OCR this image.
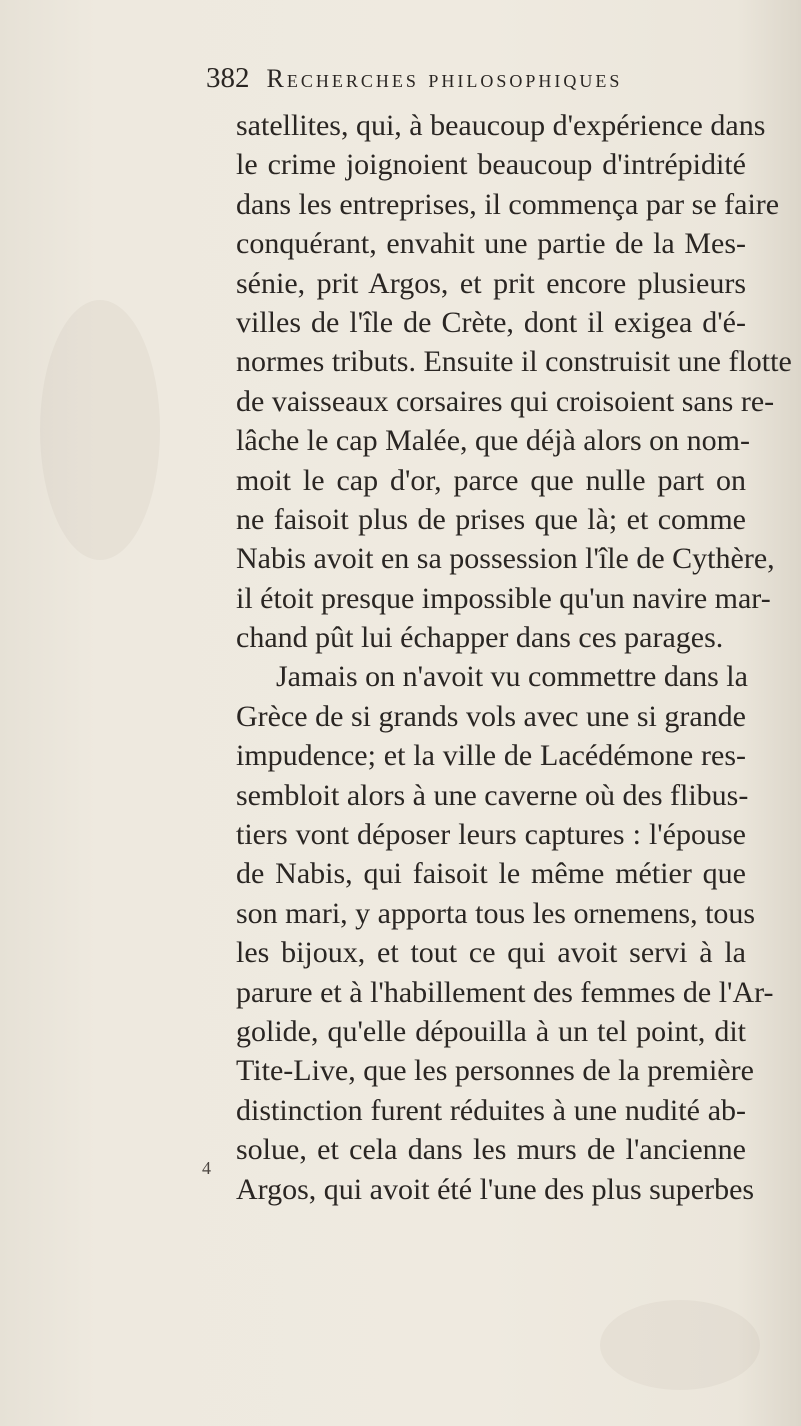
382 Recherches philosophiques
satellites, qui, à beaucoup d'expérience dans
le crime joignoient beaucoup d'intrépidité
dans les entreprises, il commença par se faire
conquérant, envahit une partie de la Mes-
sénie, prit Argos, et prit encore plusieurs
villes de l'île de Crète, dont il exigea d'é-
normes tributs. Ensuite il construisit une flotte
de vaisseaux corsaires qui croisoient sans re-
lâche le cap Malée, que déjà alors on nom-
moit le cap d'or, parce que nulle part on
ne faisoit plus de prises que là; et comme
Nabis avoit en sa possession l'île de Cythère,
il étoit presque impossible qu'un navire mar-
chand pût lui échapper dans ces parages.
Jamais on n'avoit vu commettre dans la
Grèce de si grands vols avec une si grande
impudence; et la ville de Lacédémone res-
sembloit alors à une caverne où des flibus-
tiers vont déposer leurs captures : l'épouse
de Nabis, qui faisoit le même métier que
son mari, y apporta tous les ornemens, tous
les bijoux, et tout ce qui avoit servi à la
parure et à l'habillement des femmes de l'Ar-
golide, qu'elle dépouilla à un tel point, dit
Tite-Live, que les personnes de la première
distinction furent réduites à une nudité ab-
solue, et cela dans les murs de l'ancienne
Argos, qui avoit été l'une des plus superbes
4
